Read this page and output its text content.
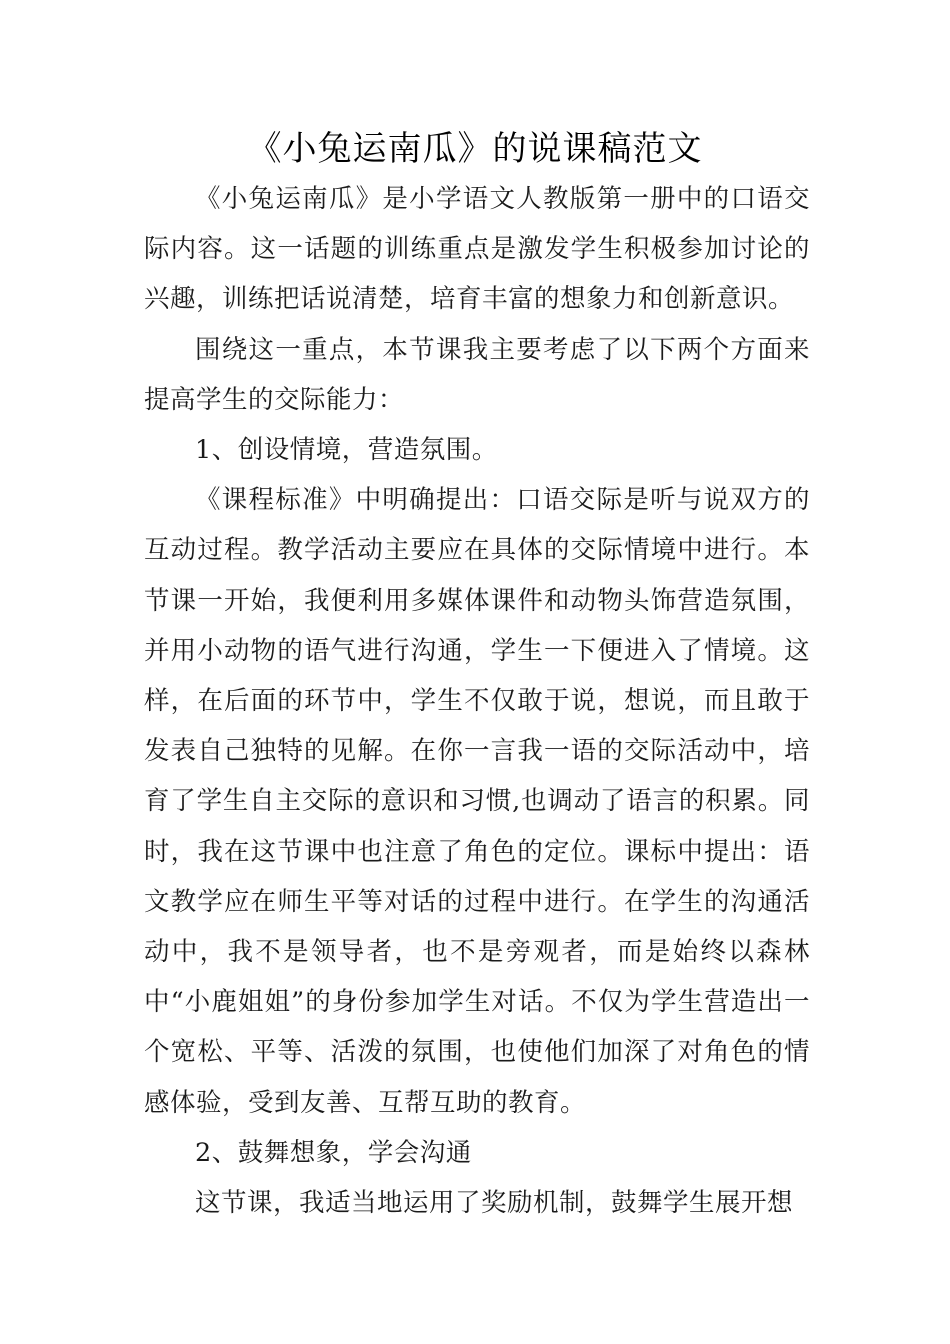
《小兔运南瓜》的说课稿范文

《小兔运南瓜》是小学语文人教版第一册中的口语交际内容。这一话题的训练重点是激发学生积极参加讨论的兴趣，训练把话说清楚，培育丰富的想象力和创新意识。

围绕这一重点，本节课我主要考虑了以下两个方面来提高学生的交际能力：

1、创设情境，营造氛围。

《课程标准》中明确提出：口语交际是听与说双方的互动过程。教学活动主要应在具体的交际情境中进行。本节课一开始，我便利用多媒体课件和动物头饰营造氛围，并用小动物的语气进行沟通，学生一下便进入了情境。这样，在后面的环节中，学生不仅敢于说，想说，而且敢于发表自己独特的见解。在你一言我一语的交际活动中，培育了学生自主交际的意识和习惯,也调动了语言的积累。同时，我在这节课中也注意了角色的定位。课标中提出：语文教学应在师生平等对话的过程中进行。在学生的沟通活动中，我不是领导者，也不是旁观者，而是始终以森林中“小鹿姐姐”的身份参加学生对话。不仅为学生营造出一个宽松、平等、活泼的氛围，也使他们加深了对角色的情感体验，受到友善、互帮互助的教育。

2、鼓舞想象，学会沟通

这节课，我适当地运用了奖励机制，鼓舞学生展开想
